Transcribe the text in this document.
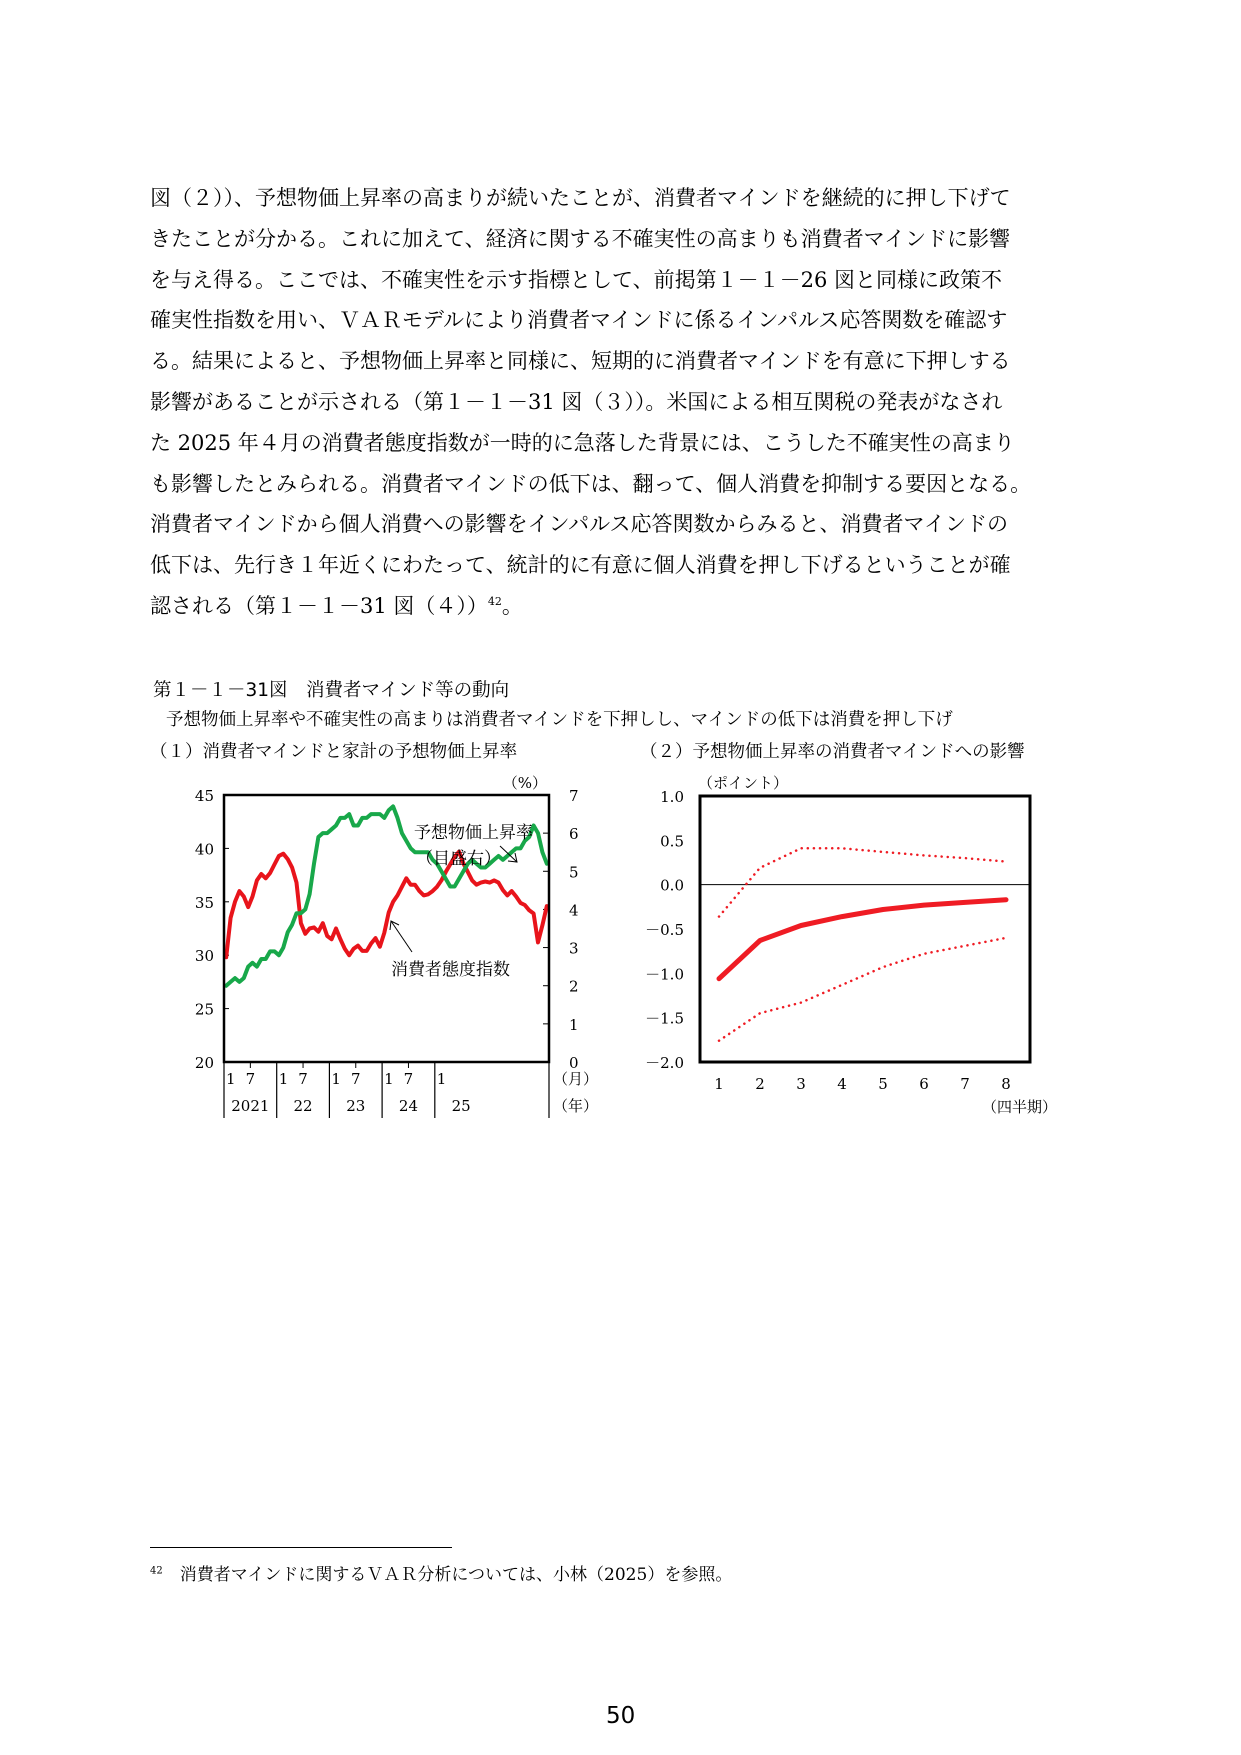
図（２））、予想物価上昇率の高まりが続いたことが、消費者マインドを継続的に押し下げて
きたことが分かる。これに加えて、経済に関する不確実性の高まりも消費者マインドに影響
を与え得る。ここでは、不確実性を示す指標として、前掲第１－１－26 図と同様に政策不
確実性指数を用い、ＶＡＲモデルにより消費者マインドに係るインパルス応答関数を確認す
る。結果によると、予想物価上昇率と同様に、短期的に消費者マインドを有意に下押しする
影響があることが示される（第１－１－31 図（３））。米国による相互関税の発表がなされ
た 2025 年４月の消費者態度指数が一時的に急落した背景には、こうした不確実性の高まり
も影響したとみられる。消費者マインドの低下は、翻って、個人消費を抑制する要因となる。
消費者マインドから個人消費への影響をインパルス応答関数からみると、消費者マインドの
低下は、先行き１年近くにわたって、統計的に有意に個人消費を押し下げるということが確
認される（第１－１－31 図（４））$^{42}$。
第１－１－31図　消費者マインド等の動向
予想物価上昇率や不確実性の高まりは消費者マインドを下押しし、マインドの低下は消費を押し下げ
（１）消費者マインドと家計の予想物価上昇率	（２）予想物価上昇率の消費者マインドへの影響
45
40
35
30
25
20
7
6
5
4
3
2
1
0
（%）
1 7 1 7 1 7 1 7 1	（月）
2021 22 23 24 25	（年）
予想物価上昇率
（目盛右）
消費者態度指数
1.0
0.5
0.0
－0.5
－1.0
－1.5
－2.0
（ポイント）
1 2 3 4 5 6 7 8
（四半期）
$^{42}$　 消費者マインドに関するＶＡＲ分析については、小林（2025）を参照。
50
